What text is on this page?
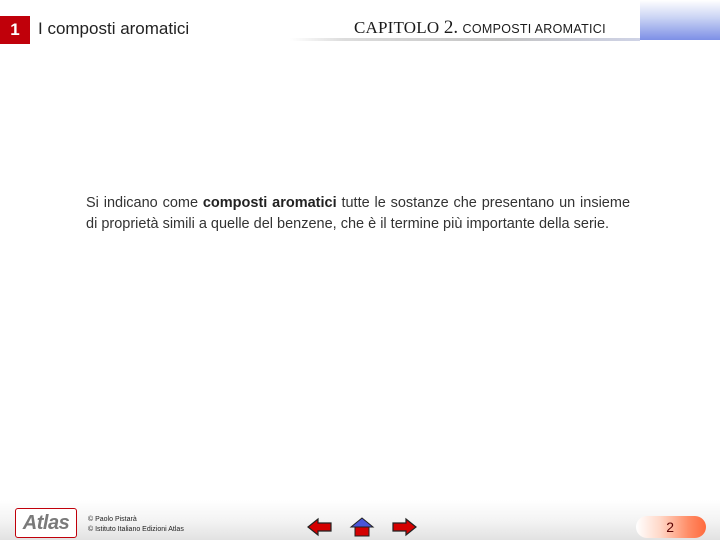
1	I composti aromatici	CAPITOLO 2. COMPOSTI AROMATICI
Si indicano come composti aromatici tutte le sostanze che presentano un insieme di proprietà simili a quelle del benzene, che è il termine più importante della serie.
Atlas	© Paolo Pistarà
© Istituto Italiano Edizioni Atlas	2
